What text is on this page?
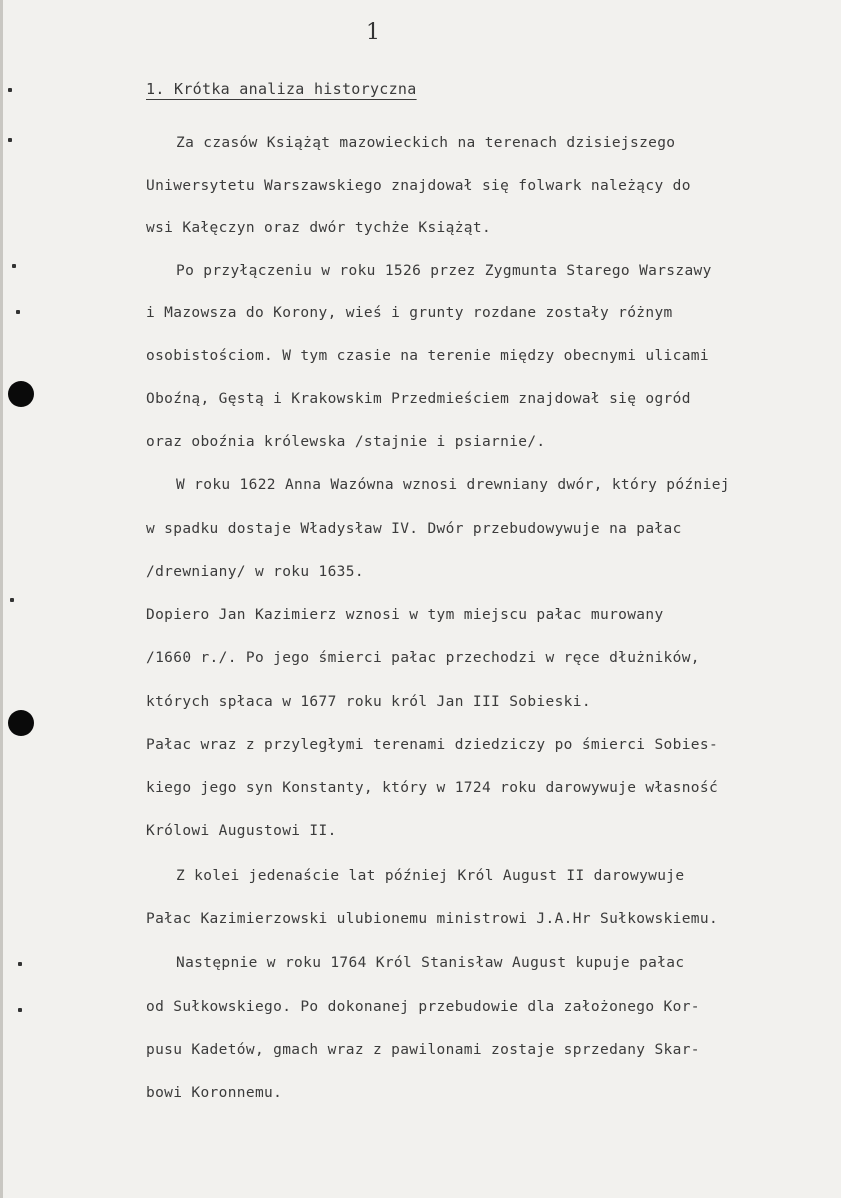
1
1. Krótka analiza historyczna
Za czasów Książąt mazowieckich na terenach dzisiejszego
Uniwersytetu Warszawskiego znajdował się folwark należący do
wsi Kałęczyn oraz dwór tychże Książąt.
Po przyłączeniu w roku 1526 przez Zygmunta Starego Warszawy
i Mazowsza do Korony, wieś i grunty rozdane zostały różnym
osobistościom. W tym czasie na terenie między obecnymi ulicami
Oboźną, Gęstą i Krakowskim Przedmieściem znajdował się ogród
oraz oboźnia królewska /stajnie i psiarnie/.
W roku 1622 Anna Wazówna wznosi drewniany dwór, który później
w spadku dostaje Władysław IV. Dwór przebudowywuje na pałac
/drewniany/ w roku 1635.
Dopiero Jan Kazimierz wznosi w tym miejscu pałac murowany
/1660 r./. Po jego śmierci pałac przechodzi w ręce dłużników,
których spłaca w 1677 roku król Jan III Sobieski.
Pałac wraz z przyległymi terenami dziedziczy po śmierci Sobies-
kiego jego syn Konstanty, który w 1724 roku darowywuje własność
Królowi Augustowi II.
Z kolei jedenaście lat później Król August II darowywuje
Pałac Kazimierzowski ulubionemu ministrowi J.A.Hr Sułkowskiemu.
Następnie w roku 1764 Król Stanisław August kupuje pałac
od Sułkowskiego. Po dokonanej przebudowie dla założonego Kor-
pusu Kadetów, gmach wraz z pawilonami zostaje sprzedany Skar-
bowi Koronnemu.
